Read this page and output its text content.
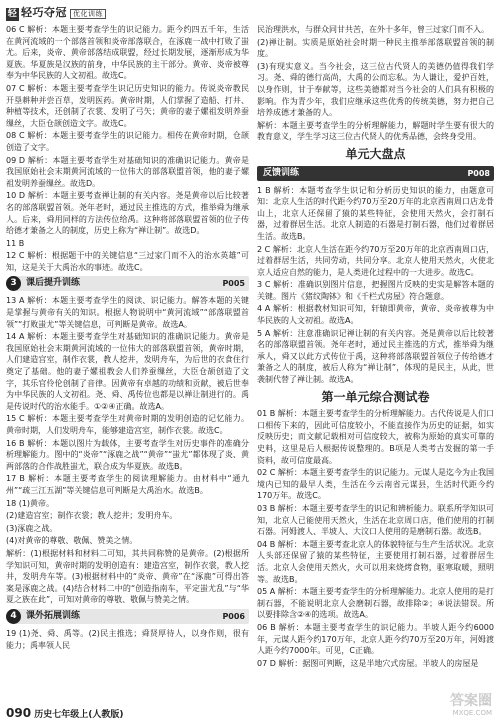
轻 轻巧夺冠 优化训练

06 C 解析：本题主要考查学生的识记能力。距今约四五千年，生活在黄河流域的一个部落首领和炎帝部落联合，在涿鹿一战中打败了蚩尤。后来，炎帝、黄帝部落结成联盟，经过长期发展，逐渐形成为华夏族。华夏族是汉族的前身，中华民族的主干部分。黄帝、炎帝被尊奉为中华民族的人文初祖。故选C。

07 C 解析：本题主要考查学生识记历史知识的能力。传说炎帝教民开垦耕种并尝百草，发明医药。黄帝时期，人们掌握了造船、打井、种植等技术，还创制了衣裳、发明了弓矢；黄帝的妻子嫘祖发明养蚕缫丝，大臣仓颉创造文字。故选C。

08 C 解析：本题主要考查学生的识记能力。相传在黄帝时期，仓颉创造了文字。

09 D 解析：本题主要考查学生对基础知识的准确识记能力。黄帝是我国原始社会末期黄河流域的一位伟大的部落联盟首领，他的妻子嫘祖发明养蚕缫丝。故选D。

10 D 解析：本题主要考查禅让制的有关内容。尧是黄帝以后比较著名的部落联盟首领。尧年老时，通过民主推选的方式，推举舜为继承人。后来，舜用同样的方法传位给禹。这种将部落联盟首领的位子传给德才兼备之人的制度，历史上称为“禅让制”。故选D。

11 B

12 C 解析：根据题干中的关键信息“三过家门而不入的治水英雄”可知，这是关于大禹治水的事迹。故选C。

3	课后提升训练	P005

13 A 解析：本题主要考查学生的阅读、识记能力。解答本题的关键是掌握与黄帝有关的知识。根据人物说明中“黄河流域”“部落联盟首领”“打败蚩尤”等关键信息，可判断是黄帝。故选A。

14 A 解析：本题主要考查学生对基础知识的准确识记能力。黄帝是我国原始社会末期黄河流域的一位伟大的部落联盟首领，黄帝时期，人们建造宫室，制作衣裳，教人挖井，发明舟车，为后世的衣食住行奠定了基础。他的妻子嫘祖教会人们养蚕缫丝，大臣仓颉创造了文字，其乐官伶伦创制了音律。因黄帝有卓越的功绩和贡献，被后世奉为中华民族的人文初祖。尧、舜、禹传位也都是以禅让制进行的。禹是传说时代的治水能手。①②④正确。故选A。

15 C 解析：本题主要考查学生对黄帝时期的发明创造的记忆能力。黄帝时期，人们发明舟车，能够建造宫室，制作衣裳。故选C。

16 B 解析：本题以图片为载体，主要考查学生对历史事件的准确分析理解能力。图中的“炎帝”“涿鹿之战”“黄帝”“蚩尤”都体现了炎、黄两部落的合作战胜蚩尤，联合成为华夏族。故选B。

17 B 解析：本题主要考查学生的阅读理解能力。由材料中“通九州”“疏三江五湖”等关键信息可判断是大禹治水。故选B。

18 (1)黄帝。

(2)建造宫室；制作衣裳；教人挖井；发明舟车。

(3)涿鹿之战。

(4)对黄帝的尊敬、敬佩、赞美之情。

解析：(1)根据材料和材料二可知，其共同称赞的是黄帝。(2)根据所学知识可知，黄帝时期的发明创造有：建造宫室，制作衣裳，教人挖井，发明舟车等。(3)根据材料中的“炎帝、黄帝”在“涿鹿”可得出答案是涿鹿之战。(4)结合材料二中的“创造指南车，平定蚩尤乱”与“华夏之族在此”，可知对黄帝的尊敬、敬佩与赞美之情。

4	课外拓展训练	P006

19 (1)尧、舜、禹等。(2)民主推选；舜贤厚待人，以身作则，很有能力；禹率领人民

民治理洪水，与群众同甘共苦，在外十多年，曾三过家门而不入。

(2)禅让制。实质是原始社会时期一种民主推举部落联盟首领的制度。

(3)有现实意义。当今社会，这三位古代贤人的美德仍值得我们学习。尧、舜的德行高尚，大禹的公而忘私。为人谦让，爱护百姓，以身作则，甘于奉献等，这些美德都对当今社会的人们具有积极的影响。作为青少年，我们应继承这些优秀的传统美德，努力把自己培养成德才兼备的人。

解析：本题主要考查学生的分析理解能力，解题时学生要有很大的教育意义，学生学习这三位古代贤人的优秀品德，会终身受用。

单元大盘点
反馈训练	P008

1 B 解析：本题考查学生识记和分析历史知识的能力，由题意可知：北京人生活的时代距今约70万至20万年的北京西南周口店龙骨山上，北京人还保留了猿的某些特征，会使用天然火，会打制石器，过着群居生活。北京人制造的石器是打制石器，他们过着群居生活。故选B。

2 C 解析：北京人生活在距今约70万至20万年的北京西南周口店，过着群居生活，共同劳动，共同分享。北京人使用天然火，火使北京人适应自然的能力，是人类进化过程中的一大进步。故选C。

3 C 解析：准确识别图片信息，把握图片反映的史实是解答本题的关键。图片《猪纹陶钵》和《千栏式房屋》符合题意。

4 A 解析：根据教材知识可知，轩辕即黄帝，黄帝、炎帝被尊为中华民族的人文初祖。故选A。

5 A 解析：注意准确识记禅让制的有关内容。尧是黄帝以后比较著名的部落联盟首领。尧年老时，通过民主推选的方式，推举舜为继承人，舜又以此方式传位于禹，这种将部落联盟首领位子传给德才兼备之人的制度，被后人称为“禅让制”，体现的是民主，从此，世袭制代替了禅让制。故选A。

第一单元综合测试卷

01 B 解析：本题主要考查学生的分析理解能力。古代传说是人们口口相传下来的，因此可信度较小，不能直接作为历史的证据，如实反映历史；而文献记载相对可信度较大，被称为原始的真实可靠的史料，这里是后人根据传说整理的。B项是人类考古发掘的第一手资料，故可信度最高。

02 C 解析：本题主要考查学生的识记能力。元谋人是迄今为止我国境内已知的最早人类，生活在今云南省元谋县，生活时代距今约170万年。故选C。

03 B 解析：本题主要考查学生的识记和辨析能力。联系所学知识可知，北京人已能使用天然火，生活在北京周口店，他们使用的打制石器。河姆渡人、半坡人、大汶口人使用的是磨制石器。故选B。

04 B 解析：本题主要考查北京人的体貌特征与生产生活状况。北京人头部还保留了猿的某些特征，主要使用打制石器，过着群居生活。北京人会使用天然火，火可以用来烧烤食物，驱寒取暖，照明等。故选B。

05 A 解析：本题主要考查学生的分析理解能力。北京人使用的是打制石器，不能说明北京人会磨制石器，故排除②；④说法错误。所以要排除含②④的选项。故选A。

06 B 解析：本题主要考查学生的识记能力。半坡人距今约6000年，元谋人距今约170万年，北京人距今约70万至20万年，河姆渡人距今约7000年。可见，C正确。

07 D 解析：据图可判断，这是半地穴式房屋。半坡人的房屋是

090 历史七年级上(人教版)
答案圈
MXQE.COM
